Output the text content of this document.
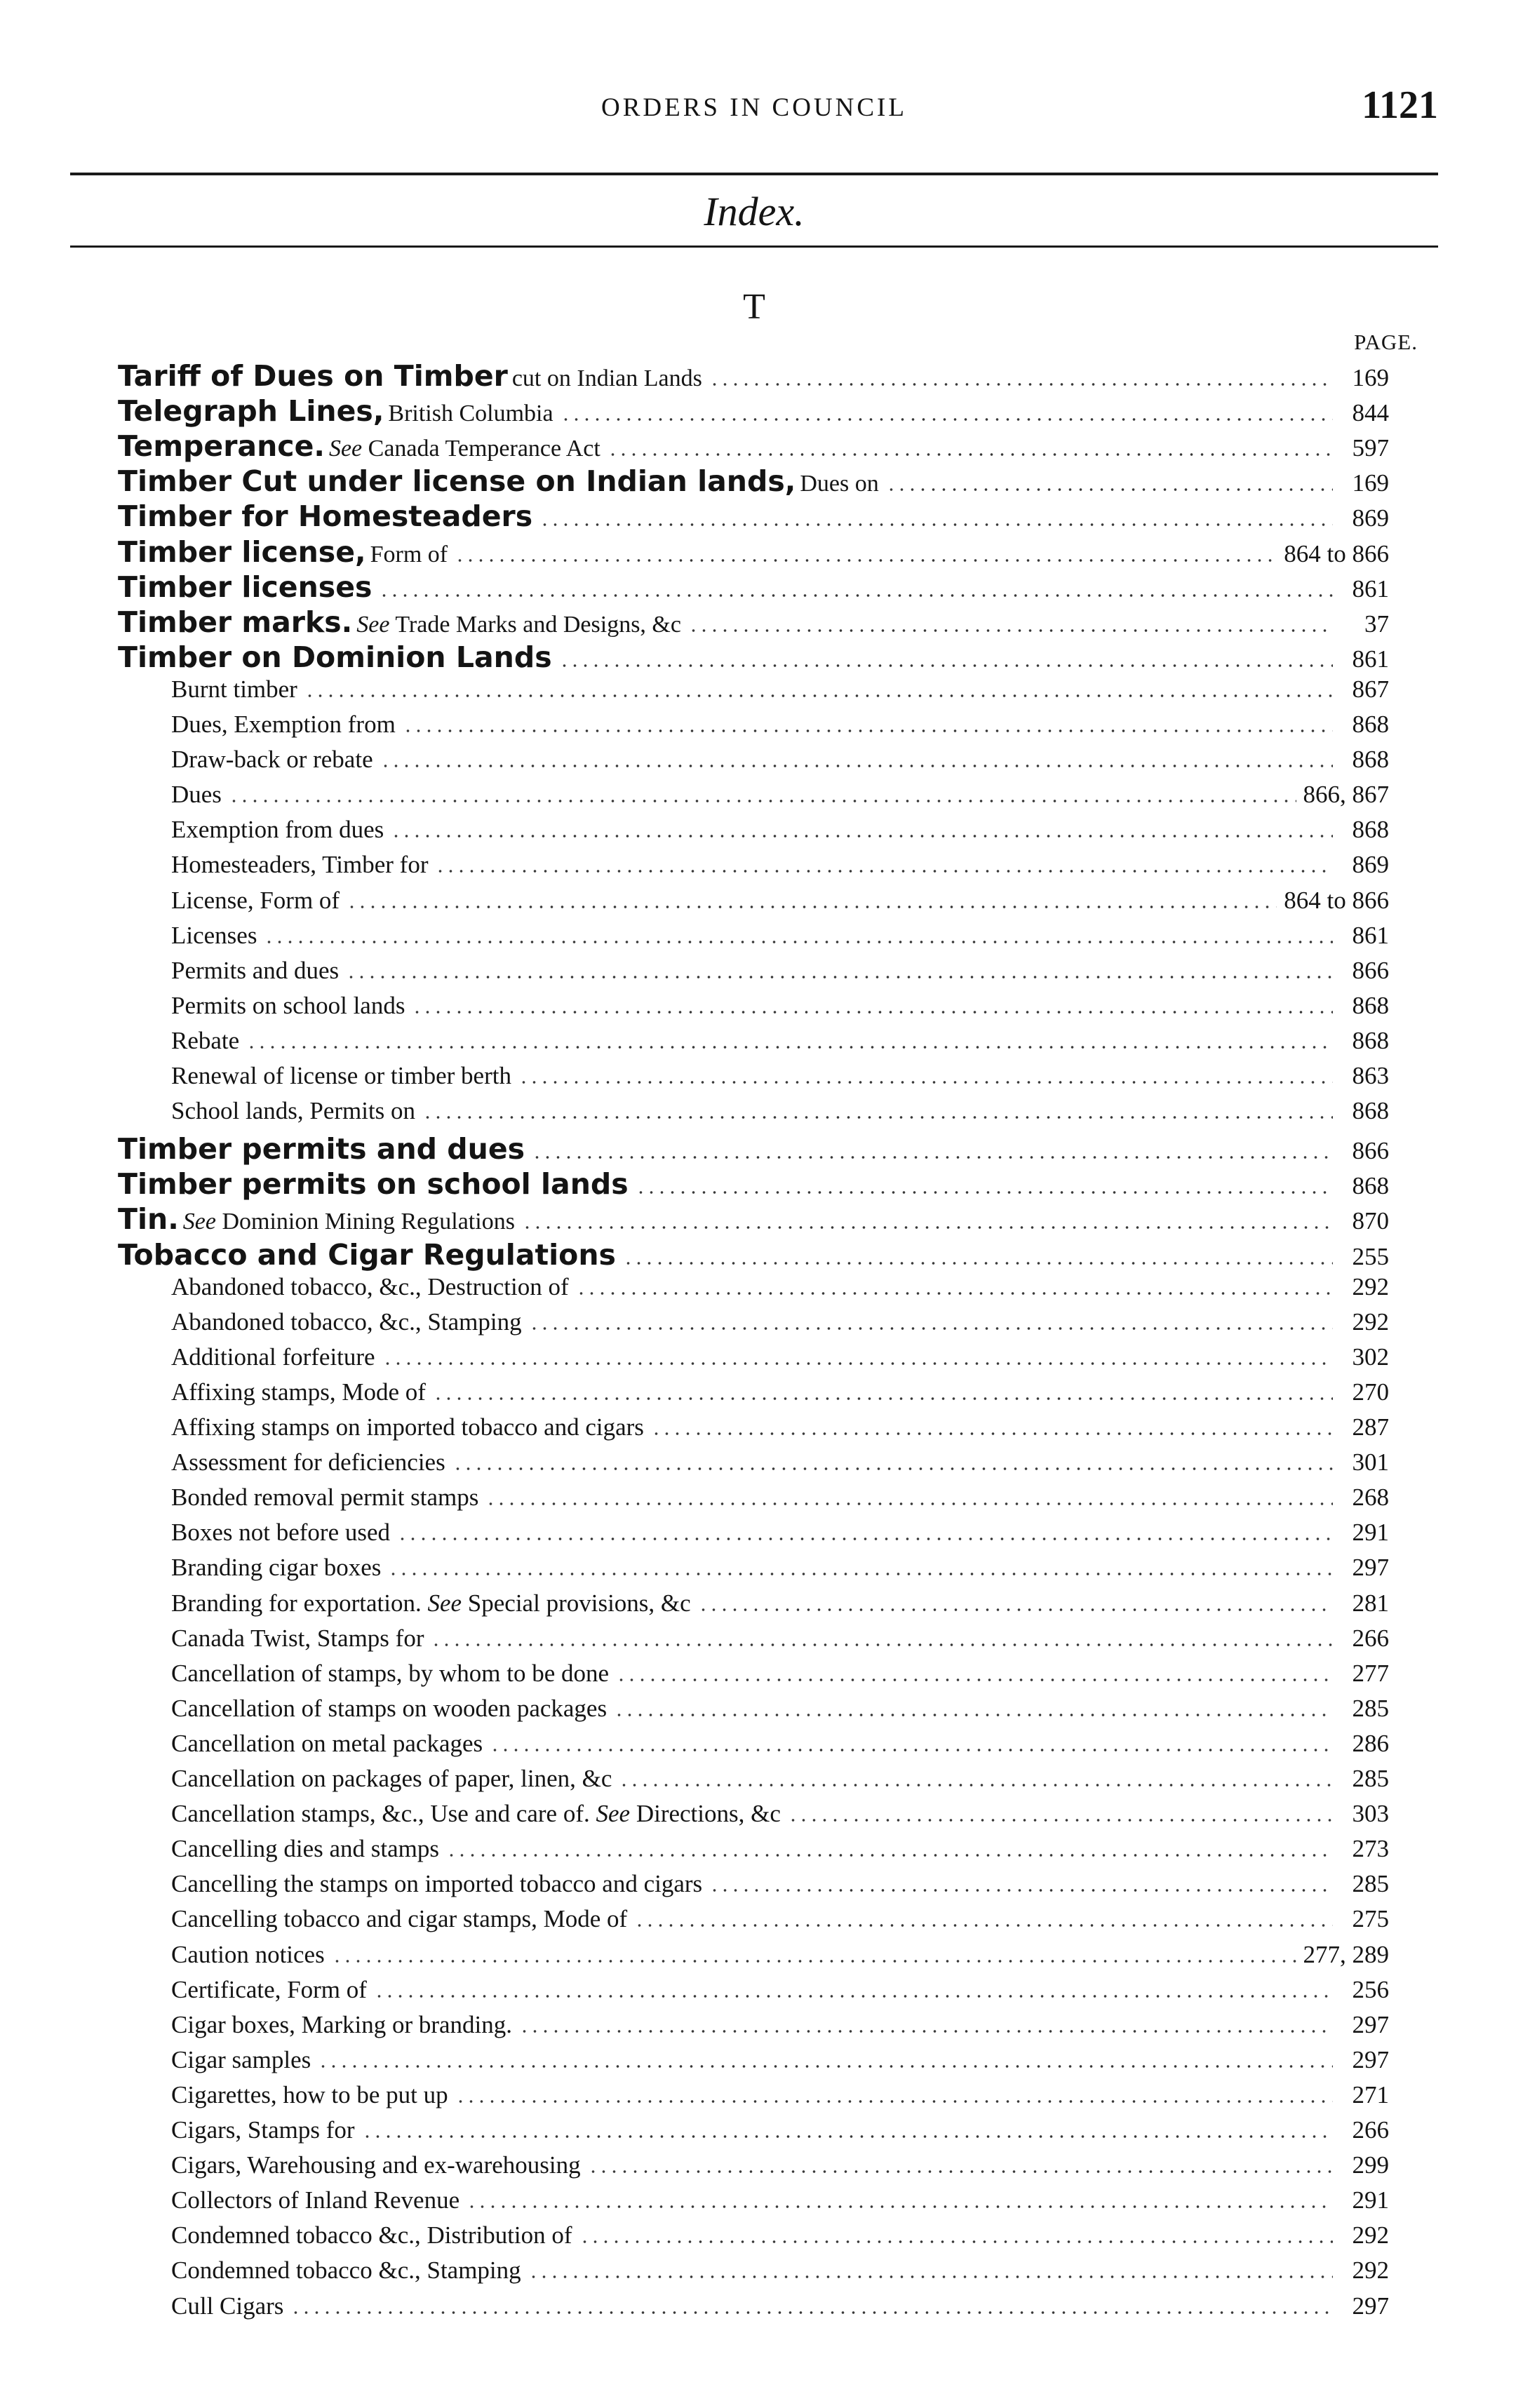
ORDERS IN COUNCIL	1121
Index.
T
PAGE.
Tariff of Dues on Timber cut on Indian Lands	169
Telegraph Lines, British Columbia	844
Temperance. See Canada Temperance Act	597
Timber Cut under license on Indian lands, Dues on	169
Timber for Homesteaders	869
Timber license, Form of	864 to 866
Timber licenses	861
Timber marks. See Trade Marks and Designs, &c	37
Timber on Dominion Lands	861
Burnt timber	867
Dues, Exemption from	868
Draw-back or rebate	868
Dues	866, 867
Exemption from dues	868
Homesteaders, Timber for	869
License, Form of	864 to 866
Licenses	861
Permits and dues	866
Permits on school lands	868
Rebate	868
Renewal of license or timber berth	863
School lands, Permits on	868
Timber permits and dues	866
Timber permits on school lands	868
Tin. See Dominion Mining Regulations	870
Tobacco and Cigar Regulations	255
Abandoned tobacco, &c., Destruction of	292
Abandoned tobacco, &c., Stamping	292
Additional forfeiture	302
Affixing stamps, Mode of	270
Affixing stamps on imported tobacco and cigars	287
Assessment for deficiencies	301
Bonded removal permit stamps	268
Boxes not before used	291
Branding cigar boxes	297
Branding for exportation. See Special provisions, &c	281
Canada Twist, Stamps for	266
Cancellation of stamps, by whom to be done	277
Cancellation of stamps on wooden packages	285
Cancellation on metal packages	286
Cancellation on packages of paper, linen, &c	285
Cancellation stamps, &c., Use and care of. See Directions, &c	303
Cancelling dies and stamps	273
Cancelling the stamps on imported tobacco and cigars	285
Cancelling tobacco and cigar stamps, Mode of	275
Caution notices	277, 289
Certificate, Form of	256
Cigar boxes, Marking or branding.	297
Cigar samples	297
Cigarettes, how to be put up	271
Cigars, Stamps for	266
Cigars, Warehousing and ex-warehousing	299
Collectors of Inland Revenue	291
Condemned tobacco &c., Distribution of	292
Condemned tobacco &c., Stamping	292
Cull Cigars	297
